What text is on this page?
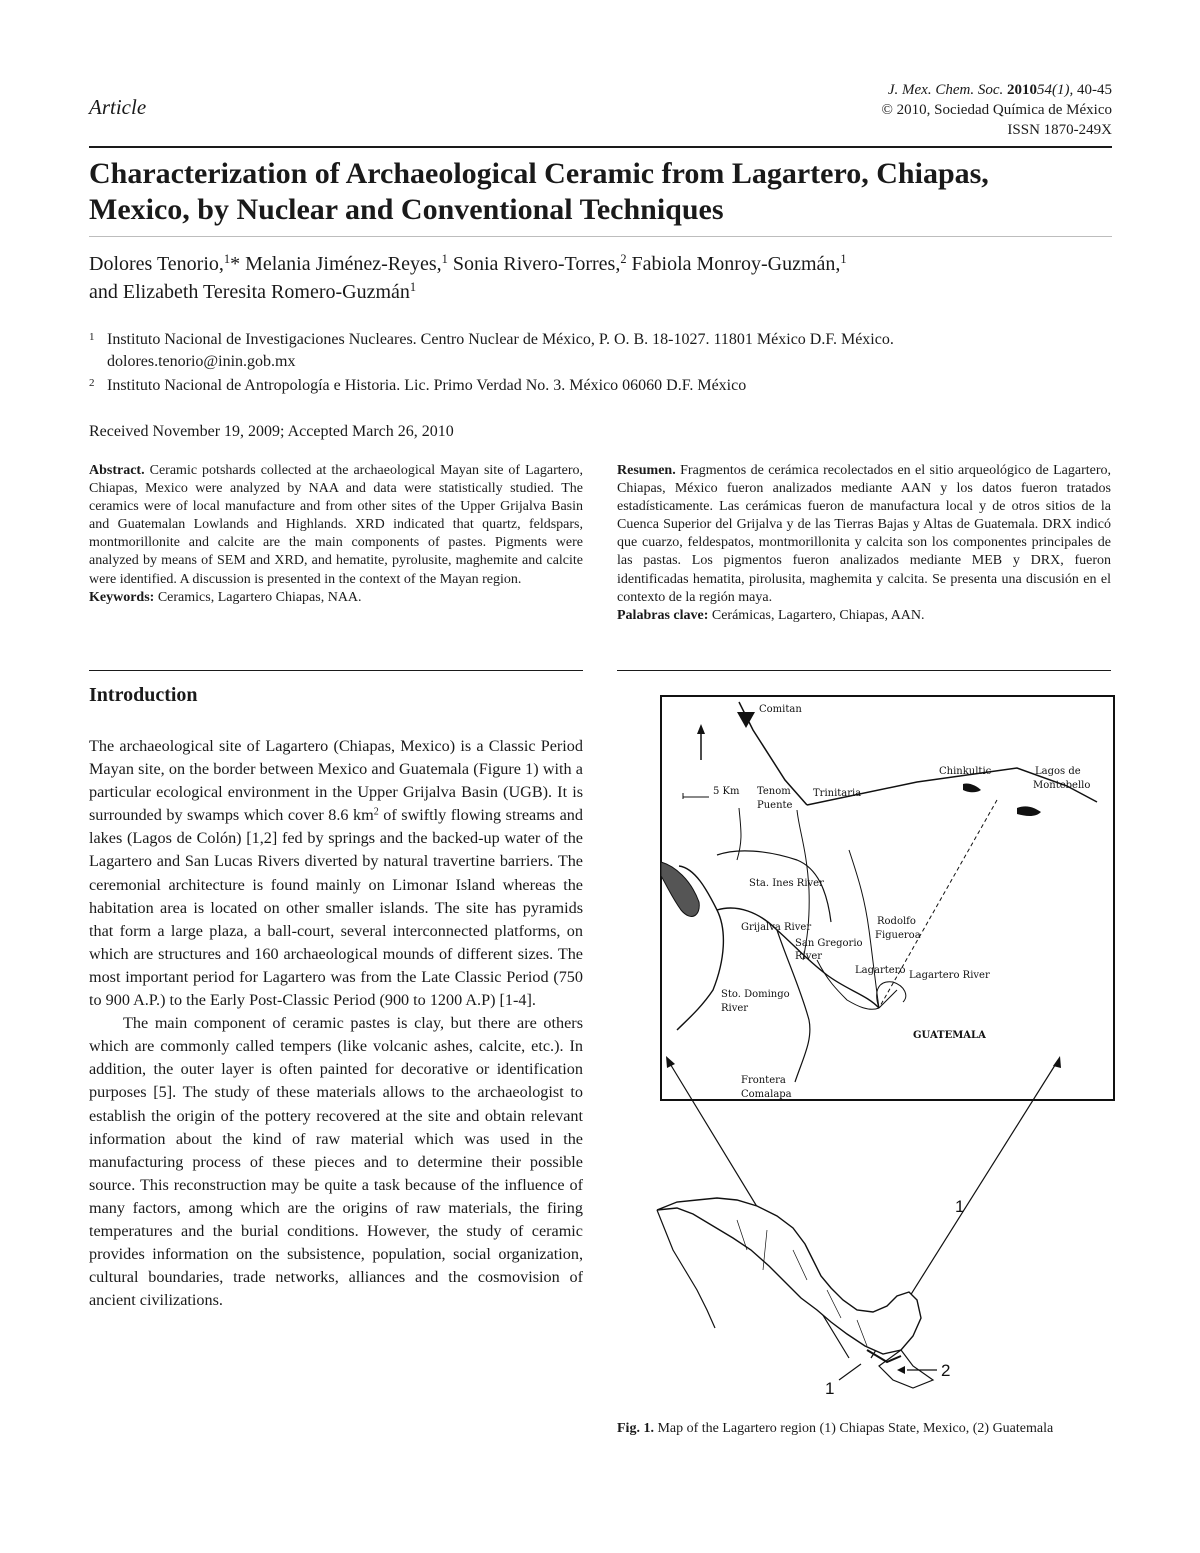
Article
J. Mex. Chem. Soc. 201054(1), 40-45
© 2010, Sociedad Química de México
ISSN 1870-249X
Characterization of Archaeological Ceramic from Lagartero, Chiapas,
Mexico, by Nuclear and Conventional Techniques
Dolores Tenorio,$^1$* Melania Jiménez-Reyes,$^1$ Sonia Rivero-Torres,$^2$ Fabiola Monroy-Guzmán,$^1$
and Elizabeth Teresita Romero-Guzmán$^1$
1 Instituto Nacional de Investigaciones Nucleares. Centro Nuclear de México, P. O. B. 18-1027. 11801 México D.F. México.
dolores.tenorio@inin.gob.mx
2 Instituto Nacional de Antropología e Historia. Lic. Primo Verdad No. 3. México 06060 D.F. México
Received November 19, 2009; Accepted March 26, 2010
Abstract. Ceramic potshards collected at the archaeological Mayan site of Lagartero, Chiapas, Mexico were analyzed by NAA and data were statistically studied. The ceramics were of local manufacture and from other sites of the Upper Grijalva Basin and Guatemalan Lowlands and Highlands. XRD indicated that quartz, feldspars, montmorillonite and calcite are the main components of pastes. Pigments were analyzed by means of SEM and XRD, and hematite, pyrolusite, maghemite and calcite were identified. A discussion is presented in the context of the Mayan region.
Keywords: Ceramics, Lagartero Chiapas, NAA.
Resumen. Fragmentos de cerámica recolectados en el sitio arqueológico de Lagartero, Chiapas, México fueron analizados mediante AAN y los datos fueron tratados estadísticamente. Las cerámicas fueron de manufactura local y de otros sitios de la Cuenca Superior del Grijalva y de las Tierras Bajas y Altas de Guatemala. DRX indicó que cuarzo, feldespatos, montmorillonita y calcita son los componentes principales de las pastas. Los pigmentos fueron analizados mediante MEB y DRX, fueron identificadas hematita, pirolusita, maghemita y calcita. Se presenta una discusión en el contexto de la región maya.
Palabras clave: Cerámicas, Lagartero, Chiapas, AAN.
Introduction

The archaeological site of Lagartero (Chiapas, Mexico) is a Classic Period Mayan site, on the border between Mexico and Guatemala (Figure 1) with a particular ecological environment in the Upper Grijalva Basin (UGB). It is surrounded by swamps which cover 8.6 $km^2$ of swiftly flowing streams and lakes (Lagos de Colón) [1,2] fed by springs and the backed-up water of the Lagartero and San Lucas Rivers diverted by natural travertine barriers. The ceremonial architecture is found mainly on Limonar Island whereas the habitation area is located on other smaller islands. The site has pyramids that form a large plaza, a ball-court, several interconnected platforms, on which are structures and 160 archaeological mounds of different sizes. The most important period for Lagartero was from the Late Classic Period (750 to 900 A.P.) to the Early Post-Classic Period (900 to 1200 A.P) [1-4].

The main component of ceramic pastes is clay, but there are others which are commonly called tempers (like volcanic ashes, calcite, etc.). In addition, the outer layer is often painted for decorative or identification purposes [5]. The study of these materials allows to the archaeologist to establish the origin of the pottery recovered at the site and obtain relevant information about the kind of raw material which was used in the manufacturing process of these pieces and to determine their possible source. This reconstruction may be quite a task because of the influence of many factors, among which are the origins of raw materials, the firing temperatures and the burial conditions. However, the study of ceramic provides information on the subsistence, population, social organization, cultural boundaries, trade networks, alliances and the cosmovision of ancient civilizations.

Comitan
5 Km Tenom
Puente
Trinitaria
Chinkultic	Lagos de
Montebello
Sta. Ines River
Grijalva River
San Gregorio
River
Rodolfo
Figueroa
Lagartero Lagartero River
Sto. Domingo
River
GUATEMALA
Frontera
Comalapa
1
1
2
Fig. 1. Map of the Lagartero region (1) Chiapas State, Mexico, (2) Guatemala
